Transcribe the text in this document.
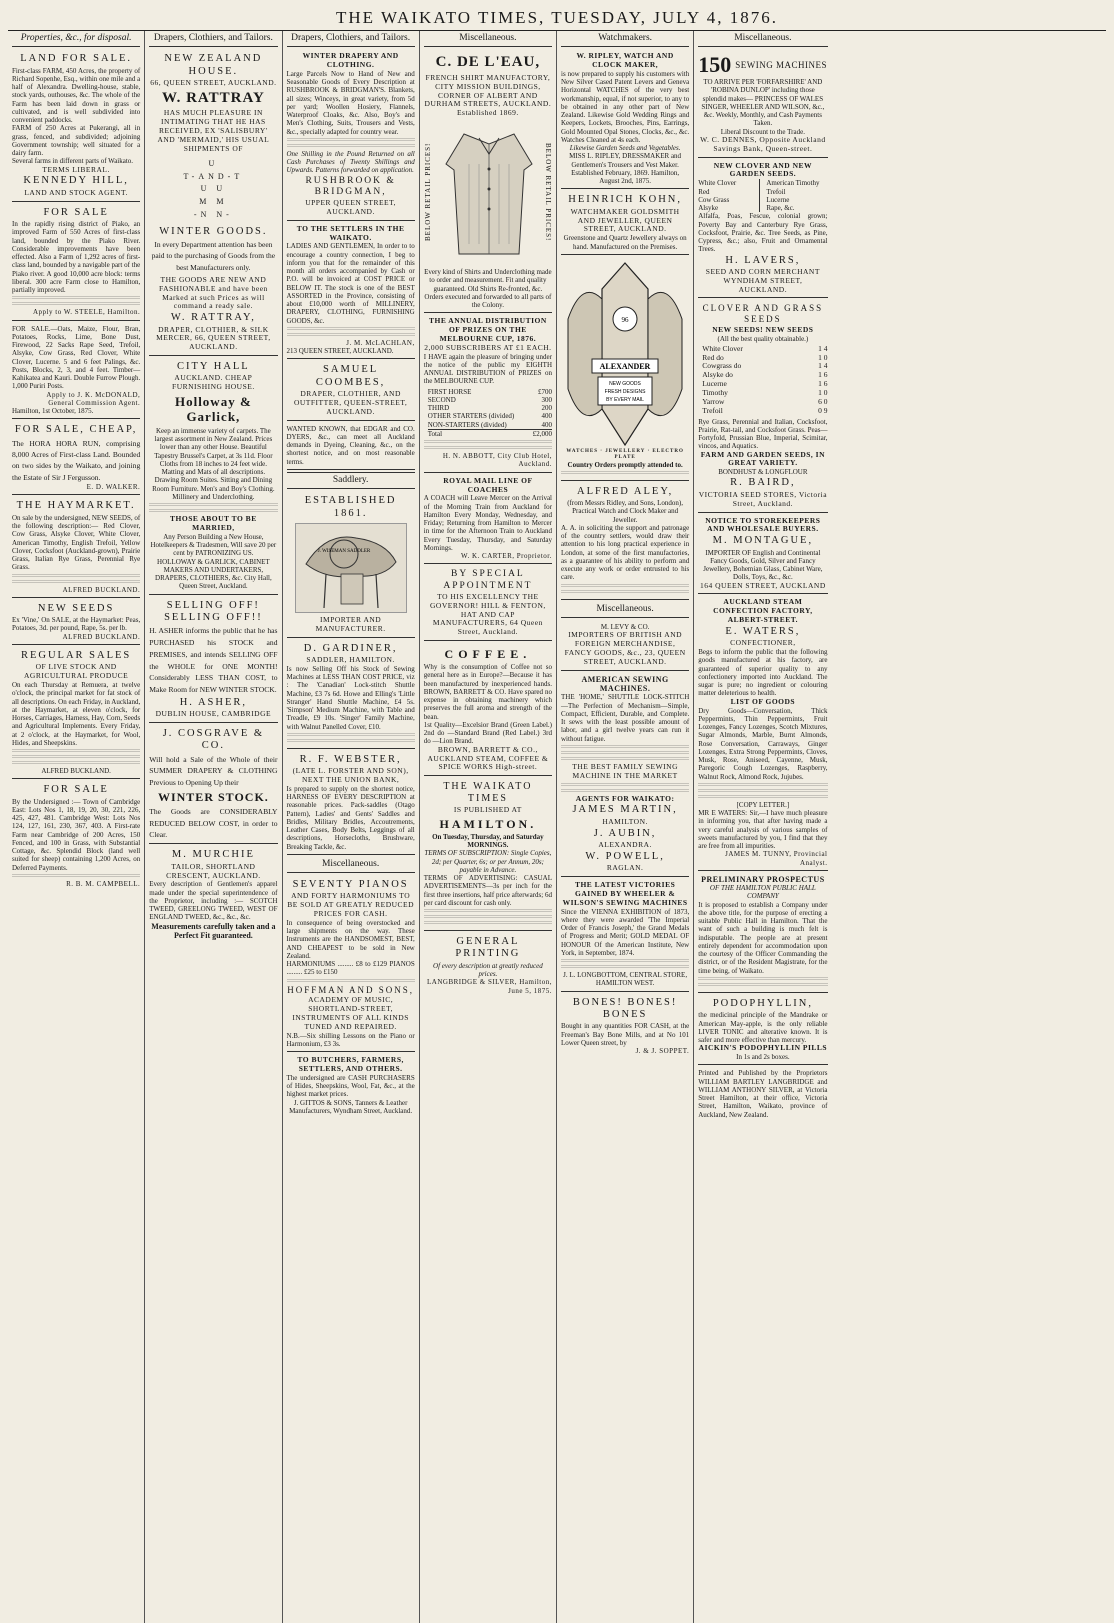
THE WAIKATO TIMES, TUESDAY, JULY 4, 1876.
Properties, &c., for disposal.
LAND FOR SALE.
First-class FARM, 450 Acres, the property of Richard Sopenhe, Esq., within one mile and a half of Alexandra. Dwelling-house, stable, stock yards, outhouses, &c. The whole of the Farm has been laid down in grass or cultivated, and is well subdivided into convenient paddocks.
FARM of 250 Acres at Pukerangi, all in grass, fenced, and subdivided; adjoining Government township; well situated for a dairy farm.
Several farms in different parts of Waikato.
TERMS LIBERAL.
KENNEDY HILL,
LAND AND STOCK AGENT.
FOR SALE
In the rapidly rising district of Piako, an improved Farm of 550 Acres of first-class land, bounded by the Piako River. Considerable improvements have been effected. Also a Farm of 1,292 acres of first-class land, bounded by a navigable part of the Piako river. A good 10,000 acre block: terms liberal. 300 acre Farm close to Hamilton, partially improved.
Apply to W. STEELE, Hamilton.
FOR SALE.—Oats, Maize, Flour, Bran, Potatoes, Rocks, Lime, Bone Dust, Firewood, 22 Sacks Rape Seed, Trefoil, Alsyke, Cow Grass, Red Clover, White Clover, Lucerne. 5 and 6 feet Palings, &c. Posts, Blocks, 2, 3, and 4 feet. Timber—Kahikatea and Kauri. Double Furrow Plough. 1,000 Puriri Posts.
Apply to J. K. McDONALD,
General Commission Agent.
Hamilton, 1st October, 1875.
FOR SALE, CHEAP,
The HORA HORA RUN, comprising 8,000 Acres of First-class Land. Bounded on two sides by the Waikato, and joining the Estate of Sir J Fergusson.
E. D. WALKER.
THE HAYMARKET.
On sale by the undersigned, NEW SEEDS, of the following description:— Red Clover, Cow Grass, Alsyke Clover, White Clover, American Timothy, English Trefoil, Yellow Clover, Cocksfoot (Auckland-grown), Prairie Grass, Italian Rye Grass, Perennial Rye Grass.
ALFRED BUCKLAND.
NEW SEEDS
Ex 'Vine,' On SALE, at the Haymarket: Peas, Potatoes, 3d. per pound, Rape, 5s. per lb.
ALFRED BUCKLAND.
REGULAR SALES
OF LIVE STOCK AND AGRICULTURAL PRODUCE
On each Thursday at Remuera, at twelve o'clock, the principal market for fat stock of all descriptions. On each Friday, in Auckland, at the Haymarket, at eleven o'clock, for Horses, Carriages, Harness, Hay, Corn, Seeds and Agricultural Implements. Every Friday, at 2 o'clock, at the Haymarket, for Wool, Hides, and Sheepskins.
ALFRED BUCKLAND.
FOR SALE
By the Undersigned :— Town of Cambridge East: Lots Nos 1, 18, 19, 20, 30, 221, 226, 425, 427, 481. Cambridge West: Lots Nos 124, 127, 161, 230, 367, 403. A First-rate Farm near Cambridge of 200 Acres, 150 Fenced, and 100 in Grass, with Substantial Cottage, &c. Splendid Block (land well suited for sheep) containing 1,200 Acres, on Deferred Payments.
R. B. M. CAMPBELL.
Drapers, Clothiers, and Tailors.
NEW ZEALAND HOUSE.
66, QUEEN STREET, AUCKLAND.
W. RATTRAY
HAS MUCH PLEASURE IN INTIMATING THAT HE HAS RECEIVED, EX 'SALISBURY' AND 'MERMAID,' HIS USUAL SHIPMENTS OF
U
T-AND-T
U U
M M
-N N-
WINTER GOODS.
In every Department attention has been paid to the purchasing of Goods from the best Manufacturers only.
THE GOODS ARE NEW AND FASHIONABLE and have been Marked at such Prices as will command a ready sale.
W. RATTRAY,
DRAPER, CLOTHIER, & SILK MERCER, 66, QUEEN STREET, AUCKLAND.
CITY HALL
AUCKLAND. CHEAP FURNISHING HOUSE.
Holloway & Garlick,
Keep an immense variety of carpets. The largest assortment in New Zealand. Prices lower than any other House. Beautiful Tapestry Brussel's Carpet, at 3s 11d. Floor Cloths from 18 inches to 24 feet wide. Matting and Mats of all descriptions. Drawing Room Suites. Sitting and Dining Room Furniture. Men's and Boy's Clothing. Millinery and Underclothing.
THOSE ABOUT TO BE MARRIED,
Any Person Building a New House, Hotelkeepers & Tradesmen, Will save 20 per cent by PATRONIZING US.
HOLLOWAY & GARLICK, CABINET MAKERS AND UNDERTAKERS, DRAPERS, CLOTHIERS, &c. City Hall, Queen Street, Auckland.
SELLING OFF! SELLING OFF!!
H. ASHER informs the public that he has PURCHASED his STOCK and PREMISES, and intends SELLING OFF the WHOLE for ONE MONTH! Considerably LESS THAN COST, to Make Room for NEW WINTER STOCK.
H. ASHER,
DUBLIN HOUSE, CAMBRIDGE
J. COSGRAVE & CO.
Will hold a Sale of the Whole of their SUMMER DRAPERY & CLOTHING Previous to Opening Up their
WINTER STOCK.
The Goods are CONSIDERABLY REDUCED BELOW COST, in order to Clear.
M. MURCHIE
TAILOR, SHORTLAND CRESCENT, AUCKLAND.
Every description of Gentlemen's apparel made under the special superintendence of the Proprietor, including :— SCOTCH TWEED, GREELONG TWEED, WEST OF ENGLAND TWEED, &c., &c., &c.
Measurements carefully taken and a Perfect Fit guaranteed.
Drapers, Clothiers, and Tailors.
WINTER DRAPERY AND CLOTHING.
Large Parcels Now to Hand of New and Seasonable Goods of Every Description at RUSHBROOK & BRIDGMAN'S. Blankets, all sizes; Winceys, in great variety, from 5d per yard; Woollen Hosiery, Flannels, Waterproof Cloaks, &c. Also, Boy's and Men's Clothing, Suits, Trousers and Vests, &c., specially adapted for country wear.
One Shilling in the Pound Returned on all Cash Purchases of Twenty Shillings and Upwards. Patterns forwarded on application.
RUSHBROOK & BRIDGMAN,
UPPER QUEEN STREET, AUCKLAND.
TO THE SETTLERS IN THE WAIKATO.
LADIES AND GENTLEMEN, In order to to encourage a country connection, I beg to inform you that for the remainder of this month all orders accompanied by Cash or P.O. will be invoiced at COST PRICE or BELOW IT. The stock is one of the BEST ASSORTED in the Province, consisting of about £10,000 worth of MILLINERY, DRAPERY, CLOTHING, FURNISHING GOODS, &c.
J. M. McLACHLAN,
213 QUEEN STREET, AUCKLAND.
SAMUEL COOMBES,
DRAPER, CLOTHIER, AND OUTFITTER, QUEEN-STREET, AUCKLAND.
WANTED KNOWN, that EDGAR and CO. DYERS, &c., can meet all Auckland demands in Dyeing, Cleaning, &c., on the shortest notice, and on most reasonable terms.
Saddlery.
ESTABLISHED 1861.
J. WISEMAN SADDLER
IMPORTER AND MANUFACTURER.
D. GARDINER,
SADDLER, HAMILTON.
Is now Selling Off his Stock of Sewing Machines at LESS THAN COST PRICE, viz : The 'Canadian' Lock-stitch Shuttle Machine, £3 7s 6d. Howe and Elling's 'Little Stranger' Hand Shuttle Machine, £4 5s. 'Simpson' Medium Machine, with Table and Treadle, £9 10s. 'Singer' Family Machine, with Walnut Panelled Cover, £10.
R. F. WEBSTER,
(LATE L. FORSTER AND SON), NEXT THE UNION BANK,
Is prepared to supply on the shortest notice, HARNESS OF EVERY DESCRIPTION at reasonable prices. Pack-saddles (Otago Pattern), Ladies' and Gents' Saddles and Bridles, Military Bridles, Accoutrements, Leather Cases, Body Belts, Leggings of all descriptions, Horsecloths, Brushware, Breaking Tackle, &c.
Miscellaneous.
SEVENTY PIANOS
AND FORTY HARMONIUMS TO BE SOLD AT GREATLY REDUCED PRICES FOR CASH.
In consequence of being overstocked and large shipments on the way. These Instruments are the HANDSOMEST, BEST, AND CHEAPEST to be sold in New Zealand.
HARMONIUMS ......... £8 to £129 PIANOS ......... £25 to £150
HOFFMAN AND SONS,
ACADEMY OF MUSIC, SHORTLAND-STREET, INSTRUMENTS OF ALL KINDS TUNED AND REPAIRED.
N.B.—Six shilling Lessons on the Piano or Harmonium, £3 3s.
TO BUTCHERS, FARMERS, SETTLERS, AND OTHERS.
The undersigned are CASH PURCHASERS of Hides, Sheepskins, Wool, Fat, &c., at the highest market prices.
J. GITTOS & SONS, Tanners & Leather Manufacturers, Wyndham Street, Auckland.
Miscellaneous.
C. DE L'EAU,
FRENCH SHIRT MANUFACTORY, CITY MISSION BUILDINGS, CORNER OF ALBERT AND DURHAM STREETS, AUCKLAND. Established 1869.
BELOW RETAIL PRICES!	BELOW RETAIL PRICES!
Every kind of Shirts and Underclothing made to order and measurement. Fit and quality guaranteed. Old Shirts Re-fronted, &c. Orders executed and forwarded to all parts of the Colony.
THE ANNUAL DISTRIBUTION OF PRIZES ON THE MELBOURNE CUP, 1876.
2,000 SUBSCRIBERS AT £1 EACH.
I HAVE again the pleasure of bringing under the notice of the public my EIGHTH ANNUAL DISTRIBUTION of PRIZES on the MELBOURNE CUP.
FIRST HORSE	£700
SECOND	300
THIRD	200
OTHER STARTERS (divided)	400
NON-STARTERS (divided)	400
Total	£2,000
H. N. ABBOTT, City Club Hotel, Auckland.
ROYAL MAIL LINE OF COACHES
A COACH will Leave Mercer on the Arrival of the Morning Train from Auckland for Hamilton Every Monday, Wednesday, and Friday; Returning from Hamilton to Mercer in time for the Afternoon Train to Auckland Every Tuesday, Thursday, and Saturday Mornings.
W. K. CARTER, Proprietor.
BY SPECIAL APPOINTMENT
TO HIS EXCELLENCY THE GOVERNOR! HILL & FENTON, HAT AND CAP MANUFACTURERS, 64 Queen Street, Auckland.
COFFEE.
Why is the consumption of Coffee not so general here as in Europe?—Because it has been manufactured by inexperienced hands. BROWN, BARRETT & CO. Have spared no expense in obtaining machinery which preserves the full aroma and strength of the bean.
1st Quality—Excelsior Brand (Green Label.) 2nd do —Standard Brand (Red Label.) 3rd do —Lion Brand.
BROWN, BARRETT & CO., AUCKLAND STEAM, COFFEE & SPICE WORKS High-street.
THE WAIKATO TIMES
IS PUBLISHED AT
HAMILTON.
On Tuesday, Thursday, and Saturday MORNINGS.
TERMS OF SUBSCRIPTION: Single Copies, 2d; per Quarter, 6s; or per Annum, 20s; payable in Advance.
TERMS OF ADVERTISING: CASUAL ADVERTISEMENTS—3s per inch for the first three insertions, half price afterwards; 6d per card discount for cash only.
GENERAL PRINTING
Of every description at greatly reduced prices.
LANGBRIDGE & SILVER, Hamilton, June 5, 1875.
Watchmakers.
W. RIPLEY, WATCH AND CLOCK MAKER,
is now prepared to supply his customers with New Silver Cased Patent Levers and Geneva Horizontal WATCHES of the very best workmanship, equal, if not superior, to any to be obtained in any other part of New Zealand. Likewise Gold Wedding Rings and Keepers, Lockets, Brooches, Pins, Earrings, Gold Mounted Opal Stones, Clocks, &c., &c. Watches Cleaned at 4s each.
Likewise Garden Seeds and Vegetables.
MISS L. RIPLEY, DRESSMAKER and Gentlemen's Trousers and Vest Maker. Established February, 1869. Hamilton, August 2nd, 1875.
HEINRICH KOHN,
WATCHMAKER GOLDSMITH AND JEWELLER, QUEEN STREET, AUCKLAND.
Greenstone and Quartz Jewellery always on hand. Manufactured on the Premises.
ALEXANDER
NEW GOODS
FRESH DESIGNS
BY EVERY MAIL
96
WATCHES · JEWELLERY · ELECTRO PLATE
Country Orders promptly attended to.
ALFRED ALEY,
(from Messrs Ridley, and Sons, London), Practical Watch and Clock Maker and Jeweller.
A. A. in soliciting the support and patronage of the country settlers, would draw their attention to his long practical experience in London, at some of the first manufactories, as a guarantee of his ability to perform and execute any work or order entrusted to his care.
Miscellaneous.
M. LEVY & CO.
IMPORTERS OF BRITISH AND FOREIGN MERCHANDISE, FANCY GOODS, &c., 23, QUEEN STREET, AUCKLAND.
AMERICAN SEWING MACHINES.
THE 'HOME,' SHUTTLE LOCK-STITCH —The Perfection of Mechanism—Simple, Compact, Efficient, Durable, and Complete. It sews with the least possible amount of labor, and a girl twelve years can run it without fatigue.
THE BEST FAMILY SEWING MACHINE IN THE MARKET
AGENTS FOR WAIKATO:
JAMES MARTIN,
HAMILTON.
J. AUBIN,
ALEXANDRA.
W. POWELL,
RAGLAN.
THE LATEST VICTORIES GAINED BY WHEELER & WILSON'S SEWING MACHINES
Since the VIENNA EXHIBITION of 1873, where they were awarded 'The Imperial Order of Francis Joseph,' the Grand Medals of Progress and Merit; GOLD MEDAL OF HONOUR Of the American Institute, New York, in September, 1874.
J. L. LONGBOTTOM, CENTRAL STORE, HAMILTON WEST.
BONES! BONES! BONES
Bought in any quantities FOR CASH, at the Freeman's Bay Bone Mills, and at No 101 Lower Queen street, by
J. & J. SOPPET.
Miscellaneous.
150 SEWING MACHINES
TO ARRIVE PER 'FORFARSHIRE' AND 'ROBINA DUNLOP' including those splendid makes— PRINCESS OF WALES SINGER, WHEELER AND WILSON, &c., &c. Weekly, Monthly, and Cash Payments Taken.
Liberal Discount to the Trade.
W. C. DENNES, Opposite Auckland Savings Bank, Queen-street.
NEW CLOVER AND NEW GARDEN SEEDS.
White Clover
Red
Cow Grass
Alsyke
American Timothy
Trefoil
Lucerne
Rape, &c.
Alfalfa, Poas, Fescue, colonial grown; Poverty Bay and Canterbury Rye Grass, Cocksfoot, Prairie, &c. Tree Seeds, as Pine, Cypress, &c.; also, Fruit and Ornamental Trees.
H. LAVERS,
SEED AND CORN MERCHANT WYNDHAM STREET, AUCKLAND.
CLOVER AND GRASS SEEDS
NEW SEEDS! NEW SEEDS
(All the best quality obtainable.)
White Clover	1 4
Red do	1 0
Cowgrass do	1 4
Alsyke do	1 6
Lucerne	1 6
Timothy	1 0
Yarrow	6 0
Trefoil	0 9
Rye Grass, Perennial and Italian, Cocksfoot, Prairie, Rat-tail, and Cocksfoot Grass. Peas—Fortyfold, Prussian Blue, Imperial, Scimitar, vincos, and Aquatics.
FARM AND GARDEN SEEDS, IN GREAT VARIETY.
BONDHUST & LONGFLOUR
R. BAIRD,
VICTORIA SEED STORES, Victoria Street, Auckland.
NOTICE TO STOREKEEPERS AND WHOLESALE BUYERS.
M. MONTAGUE,
IMPORTER OF English and Continental Fancy Goods, Gold, Silver and Fancy Jewellery, Bohemian Glass, Cabinet Ware, Dolls, Toys, &c., &c.
164 QUEEN STREET, AUCKLAND
AUCKLAND STEAM CONFECTION FACTORY, ALBERT-STREET.
E. WATERS,
CONFECTIONER,
Begs to inform the public that the following goods manufactured at his factory, are guaranteed of superior quality to any confectionery imported into Auckland. The sugar is pure; no ingredient or colouring matter deleterious to health.
LIST OF GOODS
Dry Goods—Conversation, Thick Peppermints, Thin Peppermints, Fruit Lozenges, Fancy Lozenges, Scotch Mixtures, Sugar Almonds, Marble, Burnt Almonds, Rose Conversation, Carraways, Ginger Lozenges, Extra Strong Peppermints, Cloves, Musk, Rose, Aniseed, Cayenne, Musk, Paregoric Cough Lozenges, Raspberry, Walnut Rock, Almond Rock, Jujubes.
[COPY LETTER.]
MR E WATERS: Sir,—I have much pleasure in informing you, that after having made a very careful analysis of various samples of sweets manufactured by you, I find that they are free from all impurities.
JAMES M. TUNNY, Provincial Analyst.
PRELIMINARY PROSPECTUS
OF THE HAMILTON PUBLIC HALL COMPANY
It is proposed to establish a Company under the above title, for the purpose of erecting a suitable Public Hall in Hamilton. That the want of such a building is much felt is indisputable. The people are at present entirely dependent for accommodation upon the courtesy of the Officer Commanding the district, or of the Resident Magistrate, for the time being, of Waikato.
PODOPHYLLIN,
the medicinal principle of the Mandrake or American May-apple, is the only reliable LIVER TONIC and alterative known. It is safer and more effective than mercury.
AICKIN'S PODOPHYLLIN PILLS
In 1s and 2s boxes.
Printed and Published by the Proprietors WILLIAM BARTLEY LANGBRIDGE and WILLIAM ANTHONY SILVER, at Victoria Street Hamilton, at their office, Victoria Street, Hamilton, Waikato, province of Auckland, New Zealand.
